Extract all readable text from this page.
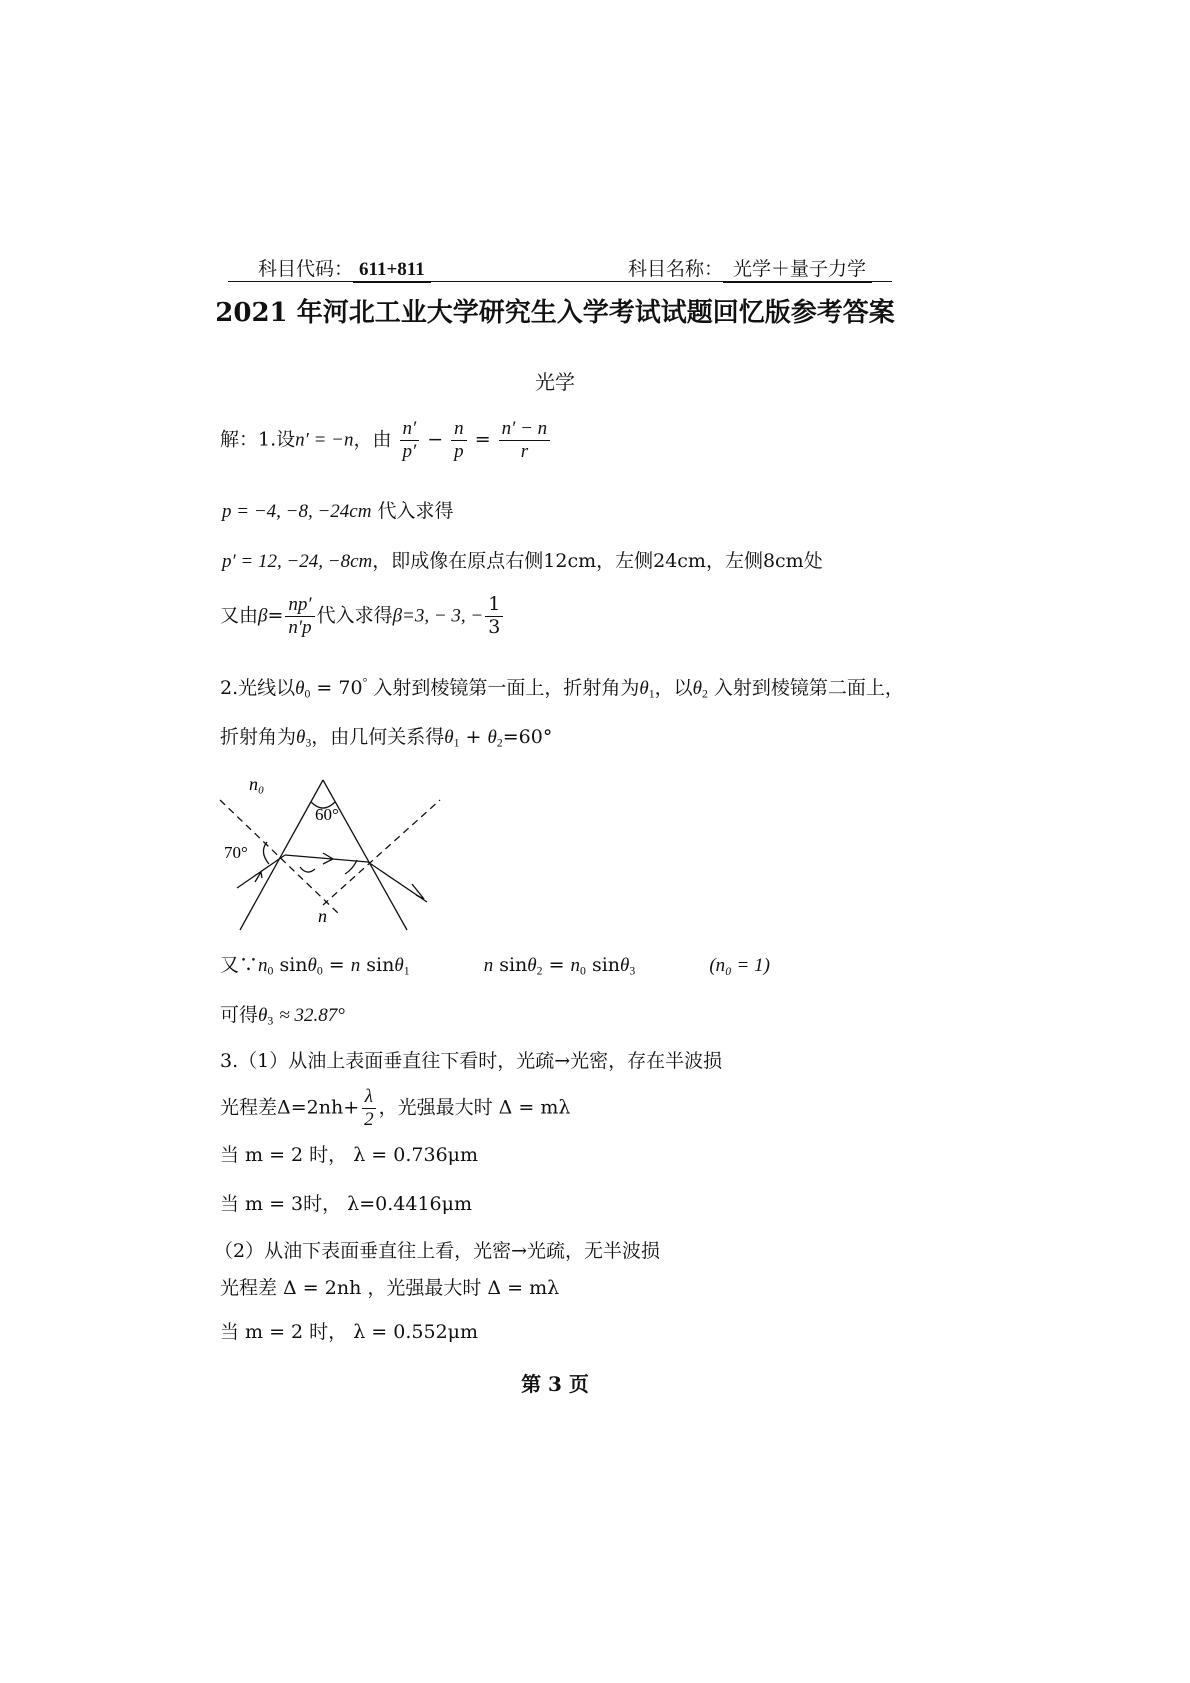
科目代码： 611+811	科目名称： 光学＋量子力学
2021 年河北工业大学研究生入学考试试题回忆版参考答案
光学
解：1.设n′ = −n，由 $\frac{n'}{p'} - \frac{n}{p} = \frac{n' - n}{r}$
p = −4, −8, −24cm 代入求得
p′ = 12, −24, −8cm，即成像在原点右侧12cm，左侧24cm，左侧8cm处
又由$\beta= \frac{np'}{n'p}$ 代入求得β=3, − 3, − $\frac{1}{3}$
2.光线以$\theta_0 = 70^\circ$ 入射到棱镜第一面上，折射角为$\theta_1$，以$\theta_2$ 入射到棱镜第二面上，
折射角为$\theta_3$，由几何关系得$\theta_1 + \theta_2=60^\circ$
n₀
60°
70°
n
又$\because n_0$ sinθ$_0$ = n sinθ$_1$	n $\sin\theta_2 = n_0$ sinθ$_3$	(n₀ = 1)
可得$\theta_3 \approx 32.87^\circ$
3.（1）从油上表面垂直往下看时，光疏→光密，存在半波损
光程差$\Delta=2nh+ \frac{\lambda}{2}$ ，光强最大时 Δ = mλ
当 m = 2 时， λ = 0.736μm
当 m = 3时， λ=0.4416μm
（2）从油下表面垂直往上看，光密→光疏，无半波损
光程差 Δ = 2nh ，光强最大时 Δ = mλ
当 m = 2 时， λ = 0.552μm
第 3 页
